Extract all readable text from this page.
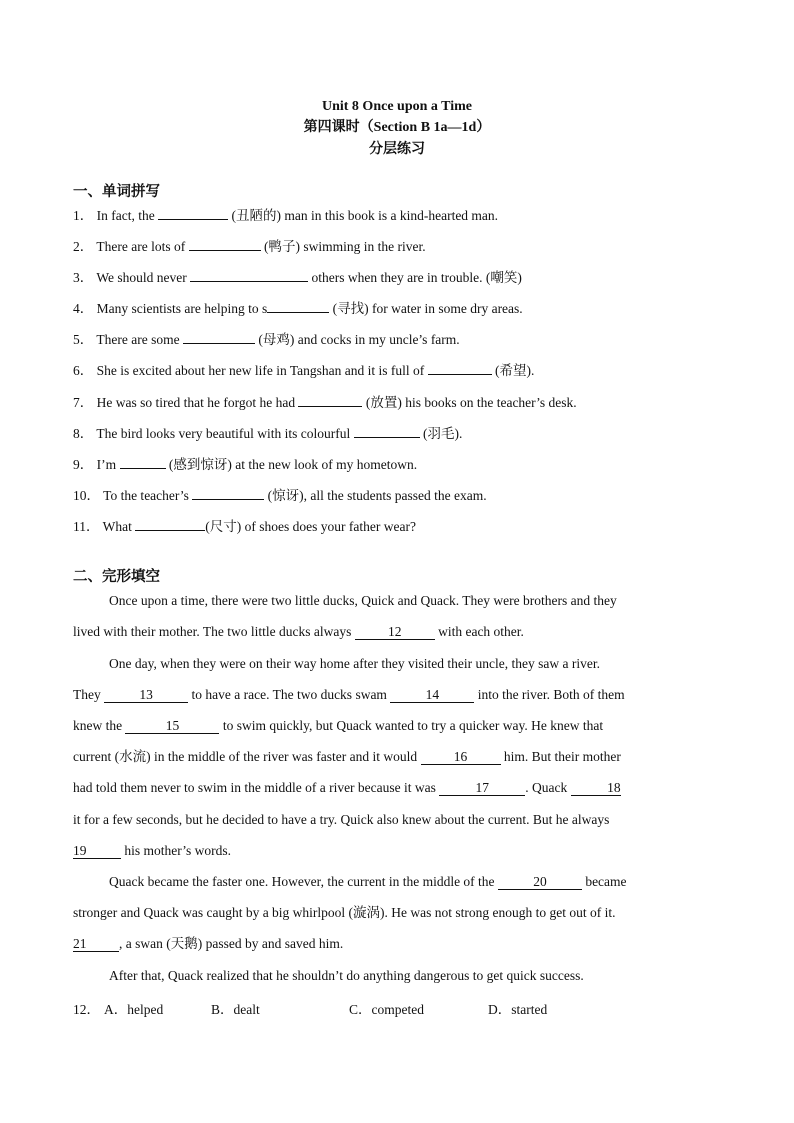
Unit 8 Once upon a Time
第四课时（Section B 1a—1d）
分层练习
一、单词拼写
1． In fact, the	(丑陋的) man in this book is a kind-hearted man.
2． There are lots of	(鸭子) swimming in the river.
3． We should never	others when they are in trouble. (嘲笑)
4． Many scientists are helping to s	(寻找) for water in some dry areas.
5． There are some	(母鸡) and cocks in my uncle’s farm.
6． She is excited about her new life in Tangshan and it is full of	(希望).
7． He was so tired that he forgot he had	(放置) his books on the teacher’s desk.
8． The bird looks very beautiful with its colourful	(羽毛).
9． I’m	(感到惊讶) at the new look of my hometown.
10． To the teacher’s	(惊讶), all the students passed the exam.
11． What	(尺寸) of shoes does your father wear?
二、完形填空
Once upon a time, there were two little ducks, Quick and Quack. They were brothers and they
lived with their mother. The two little ducks always	12	with each other.
One day, when they were on their way home after they visited their uncle, they saw a river.
They	13	to have a race. The two ducks swam	14	into the river. Both of them
knew the	15	to swim quickly, but Quack wanted to try a quicker way. He knew that
current (水流) in the middle of the river was faster and it would	16	him. But their mother
had told them never to swim in the middle of a river because it was	17	. Quack	18
it for a few seconds, but he decided to have a try. Quick also knew about the current. But he always
19	his mother’s words.
Quack became the faster one. However, the current in the middle of the	20	became
stronger and Quack was caught by a big whirlpool (漩涡). He was not strong enough to get out of it.
21 , a swan (天鹅) passed by and saved him.
After that, Quack realized that he shouldn’t do anything dangerous to get quick success.
12． A．helped	B．dealt	C．competed	D．started
